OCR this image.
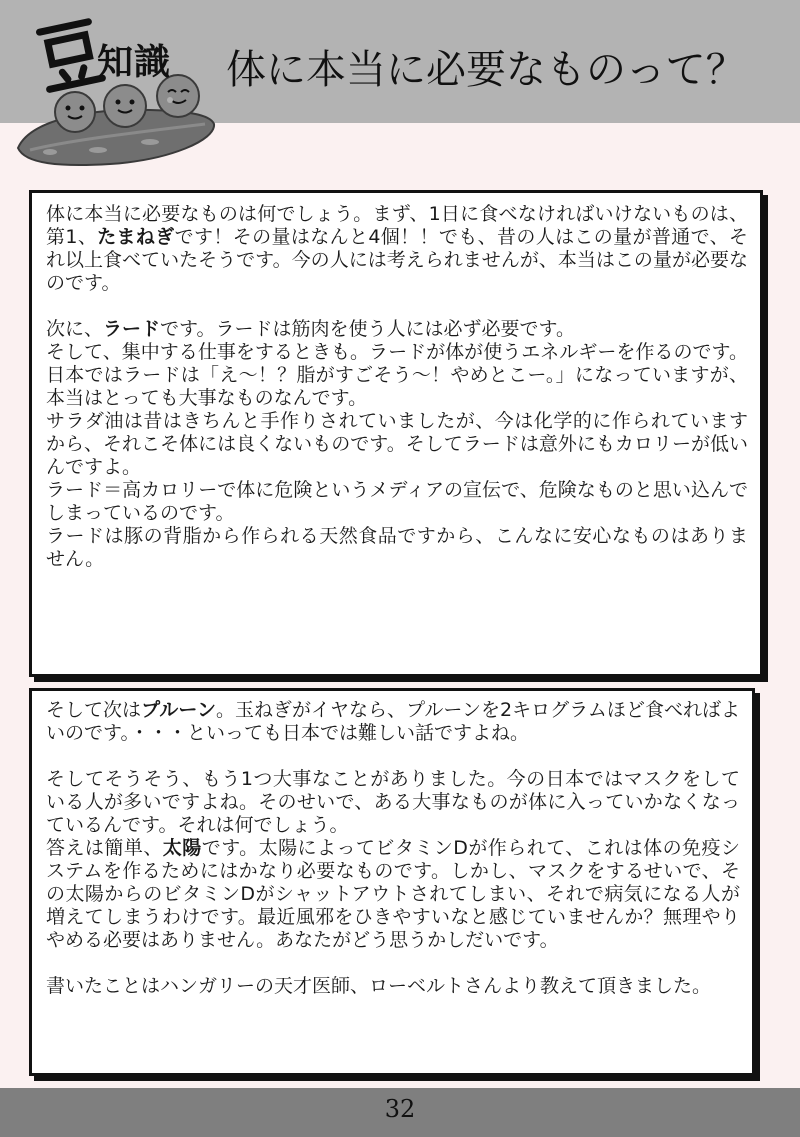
知識 体に本当に必要なものって？

体に本当に必要なものは何でしょう。まず、1日に食べなければいけないものは、第1、たまねぎです！その量はなんと4個！！でも、昔の人はこの量が普通で、それ以上食べていたそうです。今の人には考えられませんが、本当はこの量が必要なのです。

次に、ラードです。ラードは筋肉を使う人には必ず必要です。

そして、集中する仕事をするときも。ラードが体が使うエネルギーを作るのです。日本ではラードは「え～！？脂がすごそう～！やめとこー。」になっていますが、本当はとっても大事なものなんです。

サラダ油は昔はきちんと手作りされていましたが、今は化学的に作られていますから、それこそ体には良くないものです。そしてラードは意外にもカロリーが低いんですよ。

ラード＝高カロリーで体に危険というメディアの宣伝で、危険なものと思い込んでしまっているのです。

ラードは豚の背脂から作られる天然食品ですから、こんなに安心なものはありません。

そして次はプルーン。玉ねぎがイヤなら、プルーンを2キログラムほど食べればよいのです。・・・といっても日本では難しい話ですよね。

そしてそうそう、もう1つ大事なことがありました。今の日本ではマスクをしている人が多いですよね。そのせいで、ある大事なものが体に入っていかなくなっているんです。それは何でしょう。

答えは簡単、太陽です。太陽によってビタミンDが作られて、これは体の免疫システムを作るためにはかなり必要なものです。しかし、マスクをするせいで、その太陽からのビタミンDがシャットアウトされてしまい、それで病気になる人が増えてしまうわけです。最近風邪をひきやすいなと感じていませんか？無理やりやめる必要はありません。あなたがどう思うかしだいです。

書いたことはハンガリーの天才医師、ローベルトさんより教えて頂きました。

32
